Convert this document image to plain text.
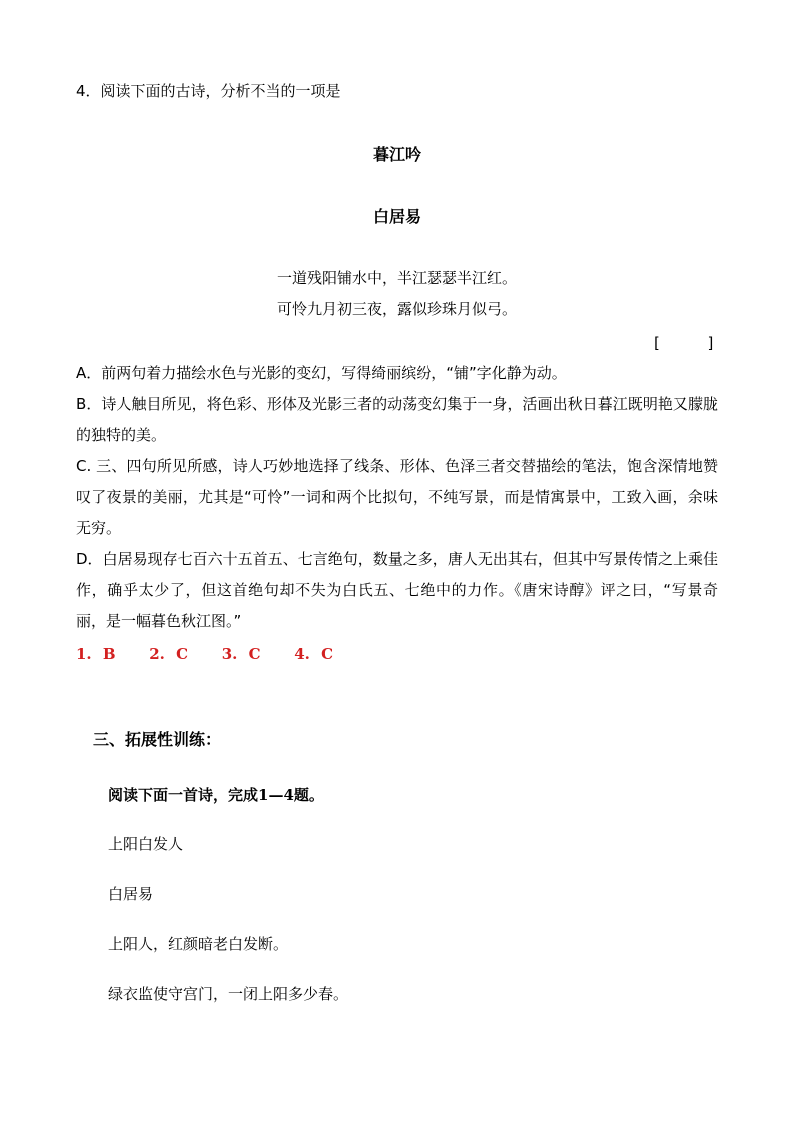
4．阅读下面的古诗，分析不当的一项是
暮江吟
白居易
一道残阳铺水中，半江瑟瑟半江红。
可怜九月初三夜，露似珍珠月似弓。
[          ]
A．前两句着力描绘水色与光影的变幻，写得绮丽缤纷，“铺”字化静为动。
B．诗人触目所见，将色彩、形体及光影三者的动荡变幻集于一身，活画出秋日暮江既明艳又朦胧的独特的美。
C. 三、四句所见所感，诗人巧妙地选择了线条、形体、色泽三者交替描绘的笔法，饱含深情地赞叹了夜景的美丽，尤其是“可怜”一词和两个比拟句，不纯写景，而是情寓景中，工致入画，余味无穷。
D．白居易现存七百六十五首五、七言绝句，数量之多，唐人无出其右，但其中写景传情之上乘佳作，确乎太少了，但这首绝句却不失为白氏五、七绝中的力作。《唐宋诗醇》评之曰，“写景奇丽，是一幅暮色秋江图。”
1. B   2. C   3. C   4. C
三、拓展性训练：
阅读下面一首诗，完成1—4题。
上阳白发人
白居易
上阳人，红颜暗老白发断。
绿衣监使守宫门，一闭上阳多少春。
